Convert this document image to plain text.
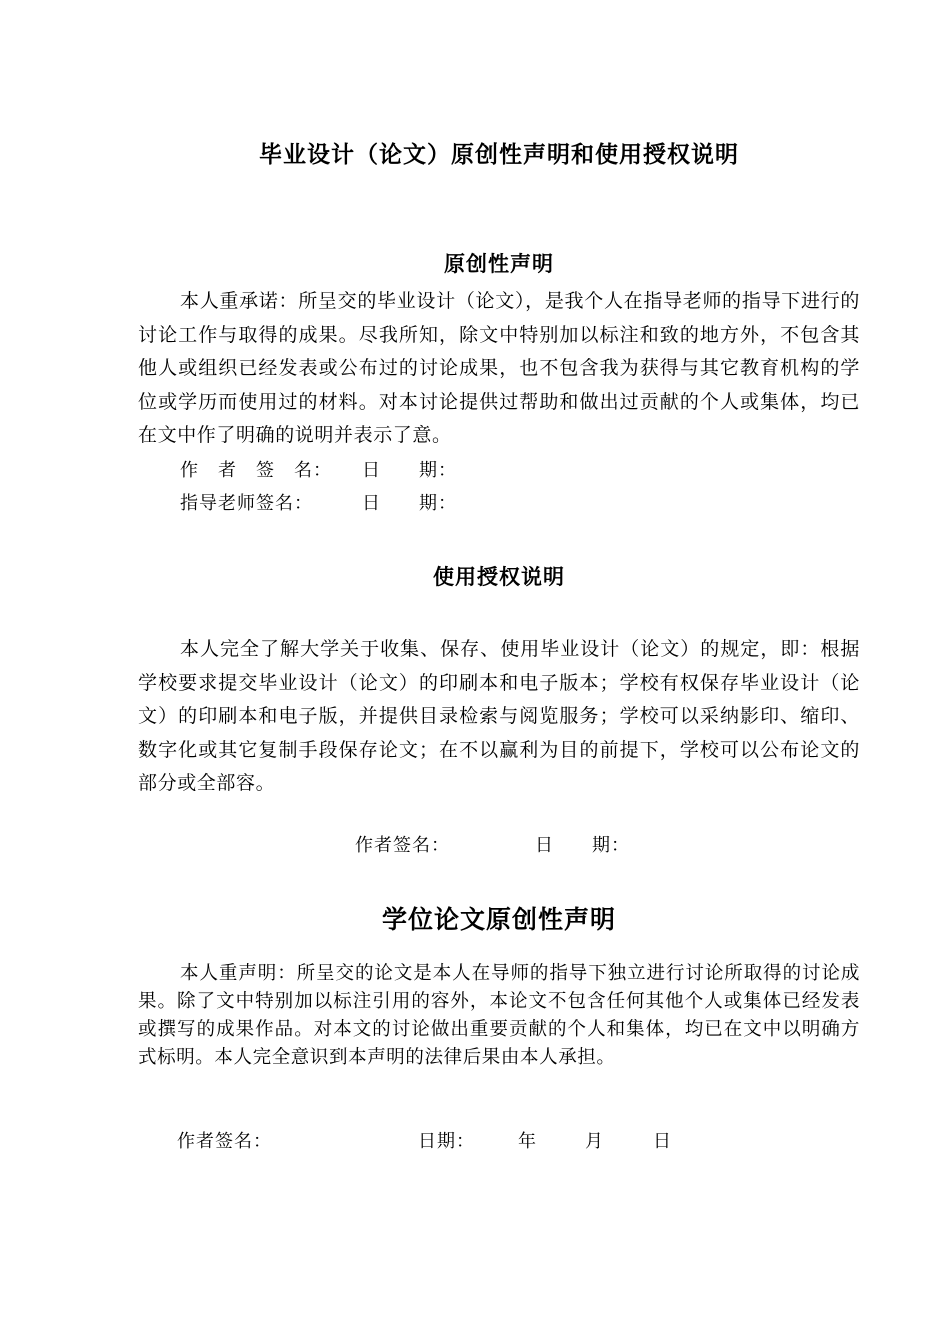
毕业设计（论文）原创性声明和使用授权说明
原创性声明

本人重承诺：所呈交的毕业设计（论文），是我个人在指导老师的指导下进行的讨论工作与取得的成果。尽我所知，除文中特别加以标注和致的地方外，不包含其他人或组织已经发表或公布过的讨论成果，也不包含我为获得与其它教育机构的学位或学历而使用过的材料。对本讨论提供过帮助和做出过贡献的个人或集体，均已在文中作了明确的说明并表示了意。

作　者　签　名： 日　　期：
指导老师签名：	日　　期：
使用授权说明

本人完全了解大学关于收集、保存、使用毕业设计（论文）的规定，即：根据学校要求提交毕业设计（论文）的印刷本和电子版本；学校有权保存毕业设计（论文）的印刷本和电子版，并提供目录检索与阅览服务；学校可以采纳影印、缩印、数字化或其它复制手段保存论文；在不以赢利为目的前提下，学校可以公布论文的部分或全部容。

作者签名：	日　　期：
学位论文原创性声明

本人重声明：所呈交的论文是本人在导师的指导下独立进行讨论所取得的讨论成果。除了文中特别加以标注引用的容外，本论文不包含任何其他个人或集体已经发表或撰写的成果作品。对本文的讨论做出重要贡献的个人和集体，均已在文中以明确方式标明。本人完全意识到本声明的法律后果由本人承担。

作者签名：	日期： 年	月	日
